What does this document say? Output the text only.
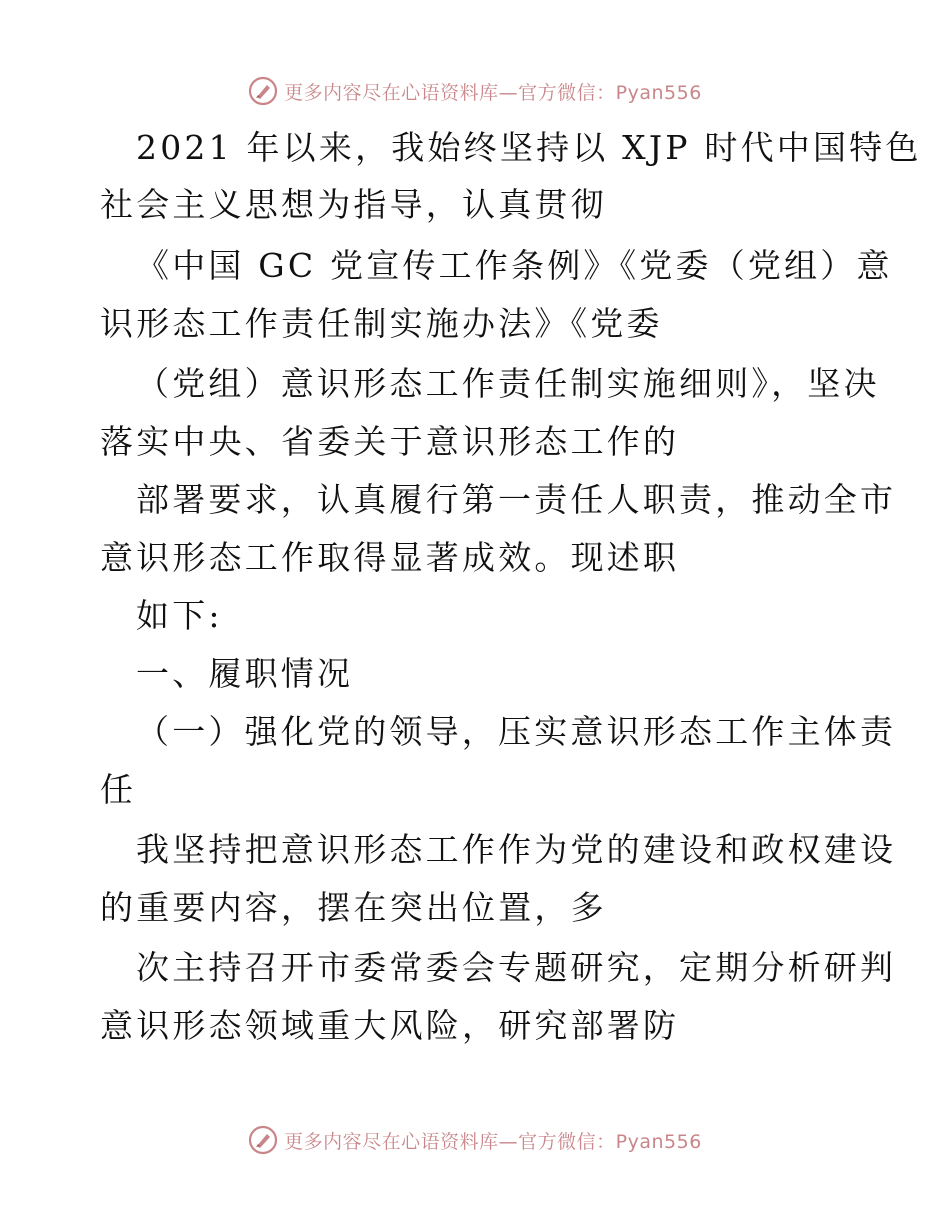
更多内容尽在心语资料库—官方微信：Pyan556
2021 年以来，我始终坚持以 XJP 时代中国特色
社会主义思想为指导，认真贯彻
《中国 GC 党宣传工作条例》《党委（党组）意
识形态工作责任制实施办法》《党委
（党组）意识形态工作责任制实施细则》，坚决
落实中央、省委关于意识形态工作的
部署要求，认真履行第一责任人职责，推动全市
意识形态工作取得显著成效。现述职
如下:
一、履职情况
（一）强化党的领导，压实意识形态工作主体责
任
我坚持把意识形态工作作为党的建设和政权建设
的重要内容，摆在突出位置，多
次主持召开市委常委会专题研究，定期分析研判
意识形态领域重大风险，研究部署防
更多内容尽在心语资料库—官方微信：Pyan556
